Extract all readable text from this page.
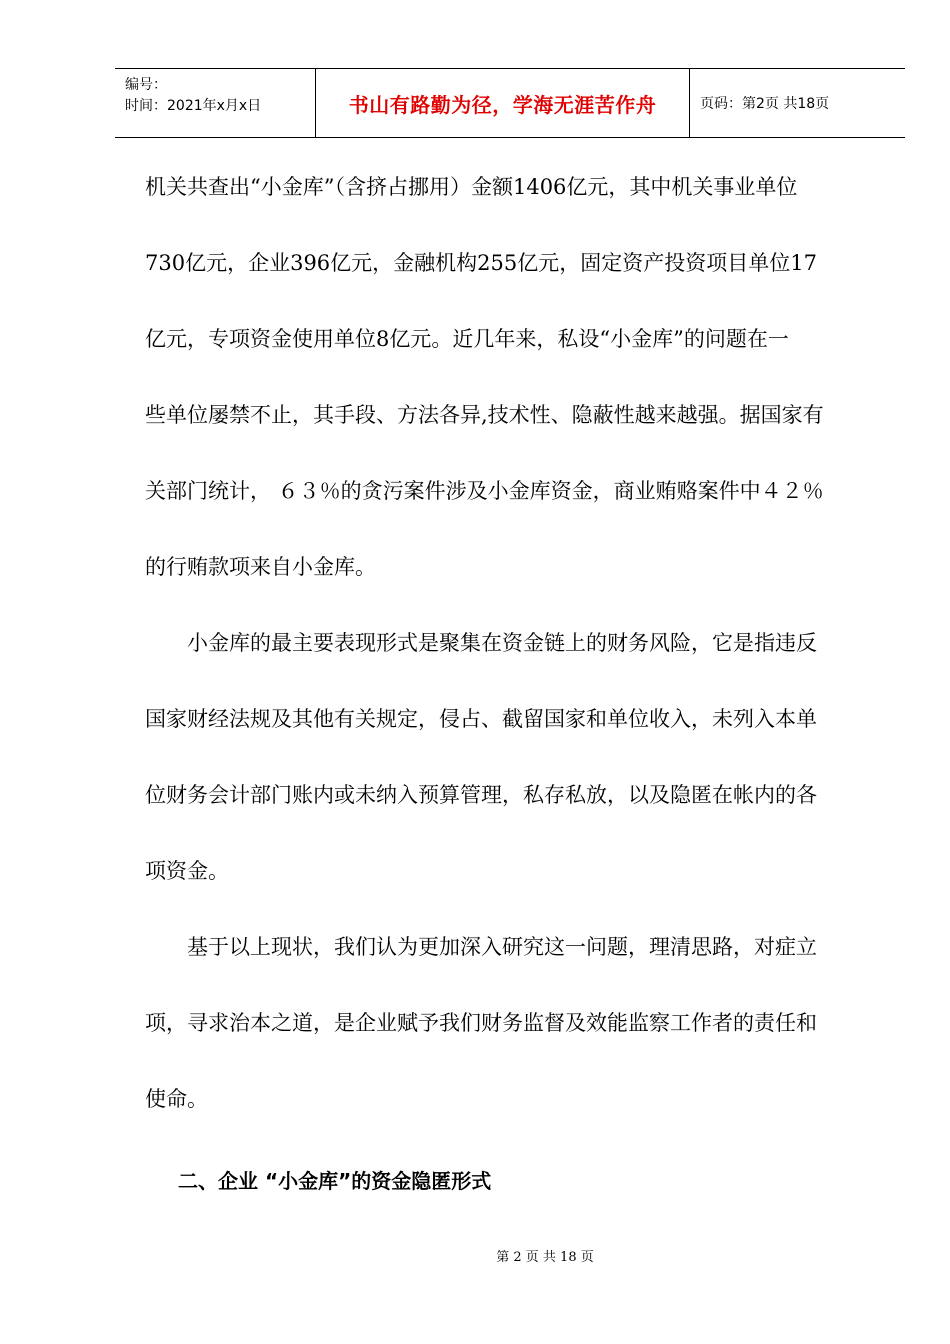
编号：
时间：2021年x月x日	书山有路勤为径，学海无涯苦作舟	页码：第2页 共18页
机关共查出“小金库”（含挤占挪用）金额1406亿元，其中机关事业单位
730亿元，企业396亿元，金融机构255亿元，固定资产投资项目单位17
亿元，专项资金使用单位8亿元。近几年来，私设“小金库”的问题在一
些单位屡禁不止，其手段、方法各异,技术性、隐蔽性越来越强。据国家有
关部门统计， ６３％的贪污案件涉及小金库资金，商业贿赂案件中４２％
的行贿款项来自小金库。
　　小金库的最主要表现形式是聚集在资金链上的财务风险，它是指违反
国家财经法规及其他有关规定，侵占、截留国家和单位收入，未列入本单
位财务会计部门账内或未纳入预算管理，私存私放，以及隐匿在帐内的各
项资金。
　　基于以上现状，我们认为更加深入研究这一问题，理清思路，对症立
项，寻求治本之道，是企业赋予我们财务监督及效能监察工作者的责任和
使命。
二、企业 “小金库”的资金隐匿形式
第 2 页 共 18 页
